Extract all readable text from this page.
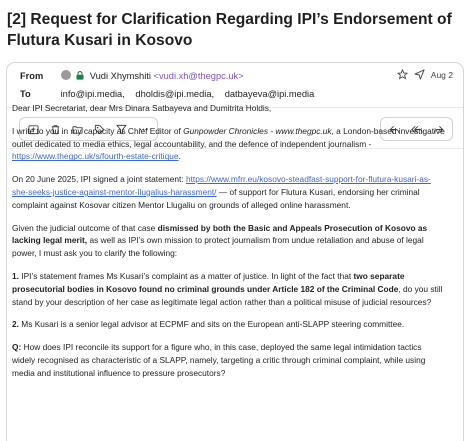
[2] Request for Clarification Regarding IPI’s Endorsement of Flutura Kusari in Kosovo
From	Vudi Xhymshiti <vudi.xh@thegpc.uk>
To	info@ipi.media, dholdis@ipi.media, datbayeva@ipi.media
Aug 2

Dear IPI Secretariat, dear Mrs Dinara Satbayeva and Dumitrita Holdis,

I write to you in my capacity as Chief Editor of Gunpowder Chronicles - www.thegpc.uk, a London-based investigative outlet dedicated to media ethics, legal accountability, and the defence of independent journalism - https://www.thegpc.uk/s/fourth-estate-critique.

On 20 June 2025, IPI signed a joint statement: https://www.mfrr.eu/kosovo-steadfast-support-for-flutura-kusari-as-she-seeks-justice-against-mentor-llugalius-harassment/ — of support for Flutura Kusari, endorsing her criminal complaint against Kosovar citizen Mentor Llugaliu on grounds of alleged online harassment.

Given the judicial outcome of that case dismissed by both the Basic and Appeals Prosecution of Kosovo as lacking legal merit, as well as IPI’s own mission to protect journalism from undue retaliation and abuse of legal power, I must ask you to clarify the following:

1. IPI’s statement frames Ms Kusari’s complaint as a matter of justice. In light of the fact that two separate prosecutorial bodies in Kosovo found no criminal grounds under Article 182 of the Criminal Code, do you still stand by your description of her case as legitimate legal action rather than a political misuse of judicial resources?

2. Ms Kusari is a senior legal advisor at ECPMF and sits on the European anti-SLAPP steering committee.

Q: How does IPI reconcile its support for a figure who, in this case, deployed the same legal intimidation tactics widely recognised as characteristic of a SLAPP, namely, targeting a critic through criminal complaint, while using media and institutional influence to pressure prosecutors?
